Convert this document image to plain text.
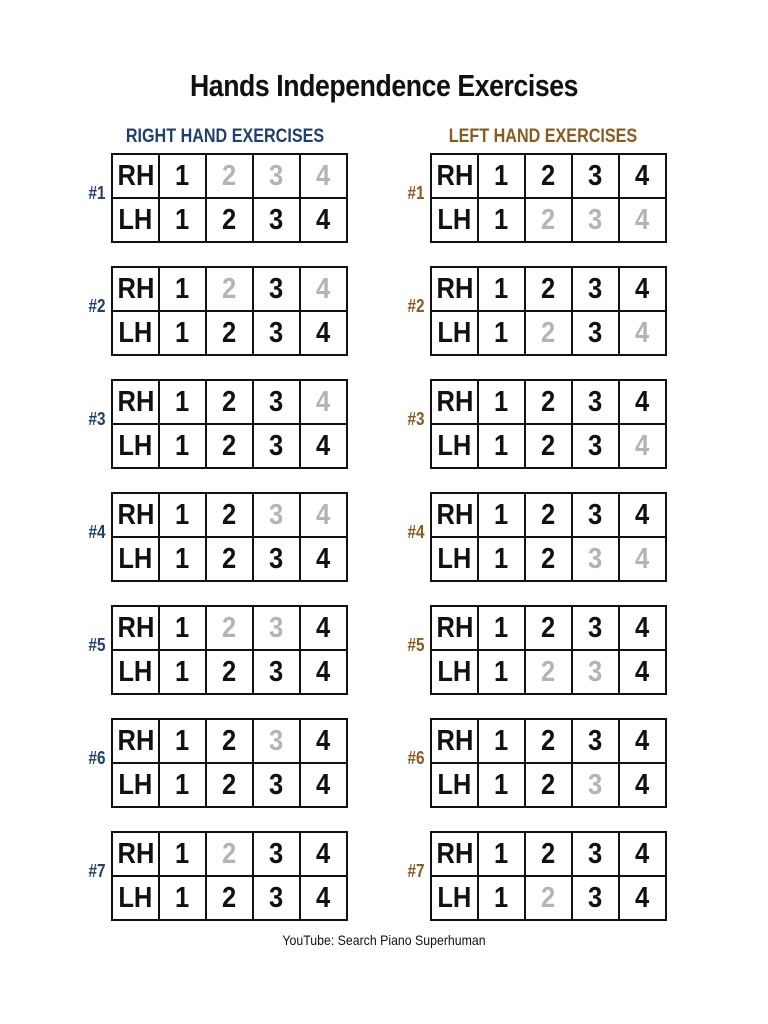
Hands Independence Exercises
RIGHT HAND EXERCISES	LEFT HAND EXERCISES
#1
RH	1	2	3	4
LH	1	2	3	4
#2
RH	1	2	3	4
LH	1	2	3	4
#3
RH	1	2	3	4
LH	1	2	3	4
#4
RH	1	2	3	4
LH	1	2	3	4
#5
RH	1	2	3	4
LH	1	2	3	4
#6
RH	1	2	3	4
LH	1	2	3	4
#7
RH	1	2	3	4
LH	1	2	3	4
#1
RH	1	2	3	4
LH	1	2	3	4
#2
RH	1	2	3	4
LH	1	2	3	4
#3
RH	1	2	3	4
LH	1	2	3	4
#4
RH	1	2	3	4
LH	1	2	3	4
#5
RH	1	2	3	4
LH	1	2	3	4
#6
RH	1	2	3	4
LH	1	2	3	4
#7
RH	1	2	3	4
LH	1	2	3	4
YouTube: Search Piano Superhuman
